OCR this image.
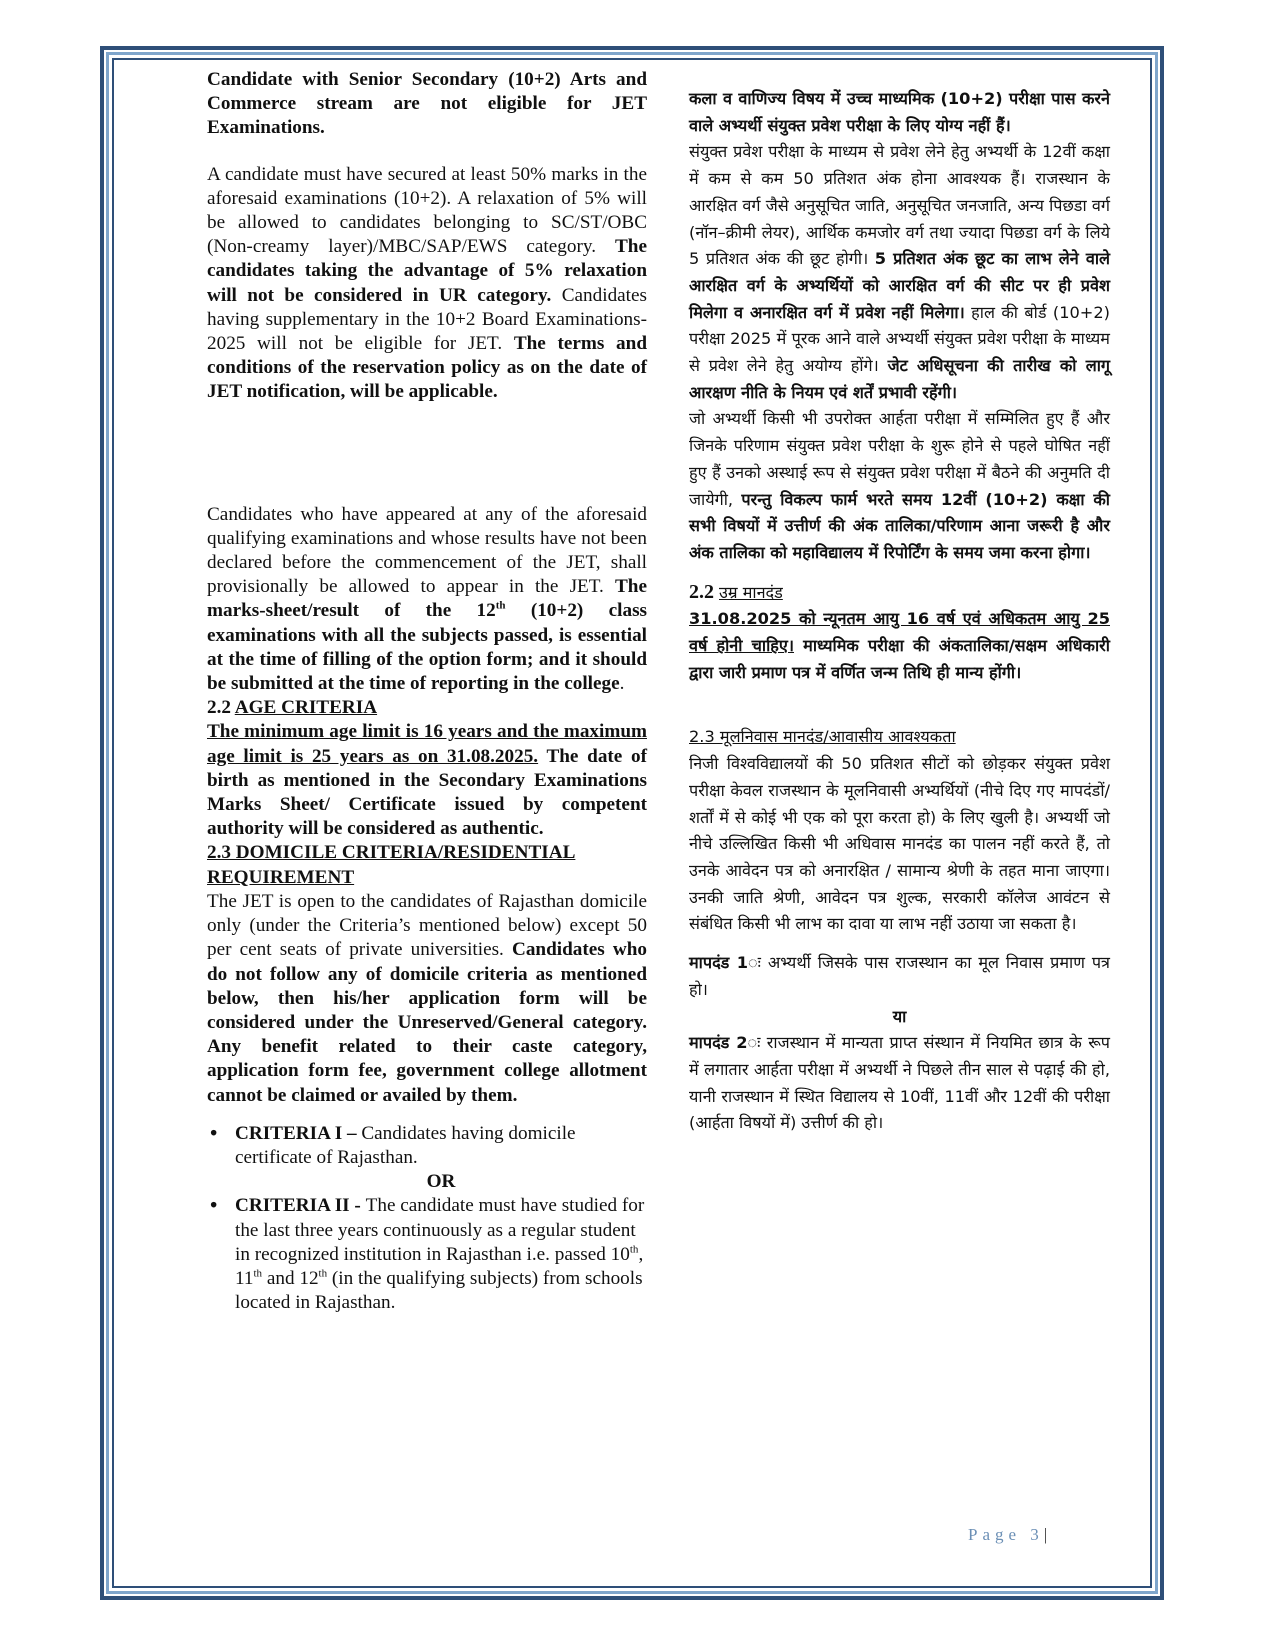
Candidate with Senior Secondary (10+2) Arts and Commerce stream are not eligible for JET Examinations.

A candidate must have secured at least 50% marks in the aforesaid examinations (10+2). A relaxation of 5% will be allowed to candidates belonging to SC/ST/OBC (Non-creamy layer)/MBC/SAP/EWS category. The candidates taking the advantage of 5% relaxation will not be considered in UR category. Candidates having supplementary in the 10+2 Board Examinations-2025 will not be eligible for JET. The terms and conditions of the reservation policy as on the date of JET notification, will be applicable.

Candidates who have appeared at any of the aforesaid qualifying examinations and whose results have not been declared before the commencement of the JET, shall provisionally be allowed to appear in the JET. The marks-sheet/result of the 12th (10+2) class examinations with all the subjects passed, is essential at the time of filling of the option form; and it should be submitted at the time of reporting in the college.

2.2 AGE CRITERIA

The minimum age limit is 16 years and the maximum age limit is 25 years as on 31.08.2025. The date of birth as mentioned in the Secondary Examinations Marks Sheet/ Certificate issued by competent authority will be considered as authentic.

2.3 DOMICILE CRITERIA/RESIDENTIAL REQUIREMENT

The JET is open to the candidates of Rajasthan domicile only (under the Criteria’s mentioned below) except 50 per cent seats of private universities. Candidates who do not follow any of domicile criteria as mentioned below, then his/her application form will be considered under the Unreserved/General category. Any benefit related to their caste category, application form fee, government college allotment cannot be claimed or availed by them.

• CRITERIA I – Candidates having domicile certificate of Rajasthan.

OR

• CRITERIA II - The candidate must have studied for the last three years continuously as a regular student in recognized institution in Rajasthan i.e. passed 10th, 11th and 12th (in the qualifying subjects) from schools located in Rajasthan.

कला व वाणिज्य विषय में उच्च माध्यमिक (10+2) परीक्षा पास करने वाले अभ्यर्थी संयुक्त प्रवेश परीक्षा के लिए योग्य नहीं हैं।

संयुक्त प्रवेश परीक्षा के माध्यम से प्रवेश लेने हेतु अभ्यर्थी के 12वीं कक्षा में कम से कम 50 प्रतिशत अंक होना आवश्यक हैं। राजस्थान के आरक्षित वर्ग जैसे अनुसूचित जाति, अनुसूचित जनजाति, अन्य पिछडा वर्ग (नॉन–क्रीमी लेयर), आर्थिक कमजोर वर्ग तथा ज्यादा पिछडा वर्ग के लिये 5 प्रतिशत अंक की छूट होगी। 5 प्रतिशत अंक छूट का लाभ लेने वाले आरक्षित वर्ग के अभ्यर्थियों को आरक्षित वर्ग की सीट पर ही प्रवेश मिलेगा व अनारक्षित वर्ग में प्रवेश नहीं मिलेगा। हाल की बोर्ड (10+2) परीक्षा 2025 में पूरक आने वाले अभ्यर्थी संयुक्त प्रवेश परीक्षा के माध्यम से प्रवेश लेने हेतु अयोग्य होंगे। जेट अधिसूचना की तारीख को लागू आरक्षण नीति के नियम एवं शर्तें प्रभावी रहेंगी।

जो अभ्यर्थी किसी भी उपरोक्त आर्हता परीक्षा में सम्मिलित हुए हैं और जिनके परिणाम संयुक्त प्रवेश परीक्षा के शुरू होने से पहले घोषित नहीं हुए हैं उनको अस्थाई रूप से संयुक्त प्रवेश परीक्षा में बैठने की अनुमति दी जायेगी, परन्तु विकल्प फार्म भरते समय 12वीं (10+2) कक्षा की सभी विषयों में उत्तीर्ण की अंक तालिका/परिणाम आना जरूरी है और अंक तालिका को महाविद्यालय में रिपोर्टिंग के समय जमा करना होगा।

2.2 उम्र मानदंड

31.08.2025 को न्यूनतम आयु 16 वर्ष एवं अधिकतम आयु 25 वर्ष होनी चाहिए। माध्यमिक परीक्षा की अंकतालिका/सक्षम अधिकारी द्वारा जारी प्रमाण पत्र में वर्णित जन्म तिथि ही मान्य होंगी।

2.3 मूलनिवास मानदंड/आवासीय आवश्यकता

निजी विश्वविद्यालयों की 50 प्रतिशत सीटों को छोड़कर संयुक्त प्रवेश परीक्षा केवल राजस्थान के मूलनिवासी अभ्यर्थियों (नीचे दिए गए मापदंडों/शर्तों में से कोई भी एक को पूरा करता हो) के लिए खुली है। अभ्यर्थी जो नीचे उल्लिखित किसी भी अधिवास मानदंड का पालन नहीं करते हैं, तो उनके आवेदन पत्र को अनारक्षित / सामान्य श्रेणी के तहत माना जाएगा। उनकी जाति श्रेणी, आवेदन पत्र शुल्क, सरकारी कॉलेज आवंटन से संबंधित किसी भी लाभ का दावा या लाभ नहीं उठाया जा सकता है।

मापदंड 1ः अभ्यर्थी जिसके पास राजस्थान का मूल निवास प्रमाण पत्र हो।

या

मापदंड 2ः राजस्थान में मान्यता प्राप्त संस्थान में नियमित छात्र के रूप में लगातार आर्हता परीक्षा में अभ्यर्थी ने पिछले तीन साल से पढ़ाई की हो, यानी राजस्थान में स्थित विद्यालय से 10वीं, 11वीं और 12वीं की परीक्षा (आर्हता विषयों में) उत्तीर्ण की हो।

Page 3|
